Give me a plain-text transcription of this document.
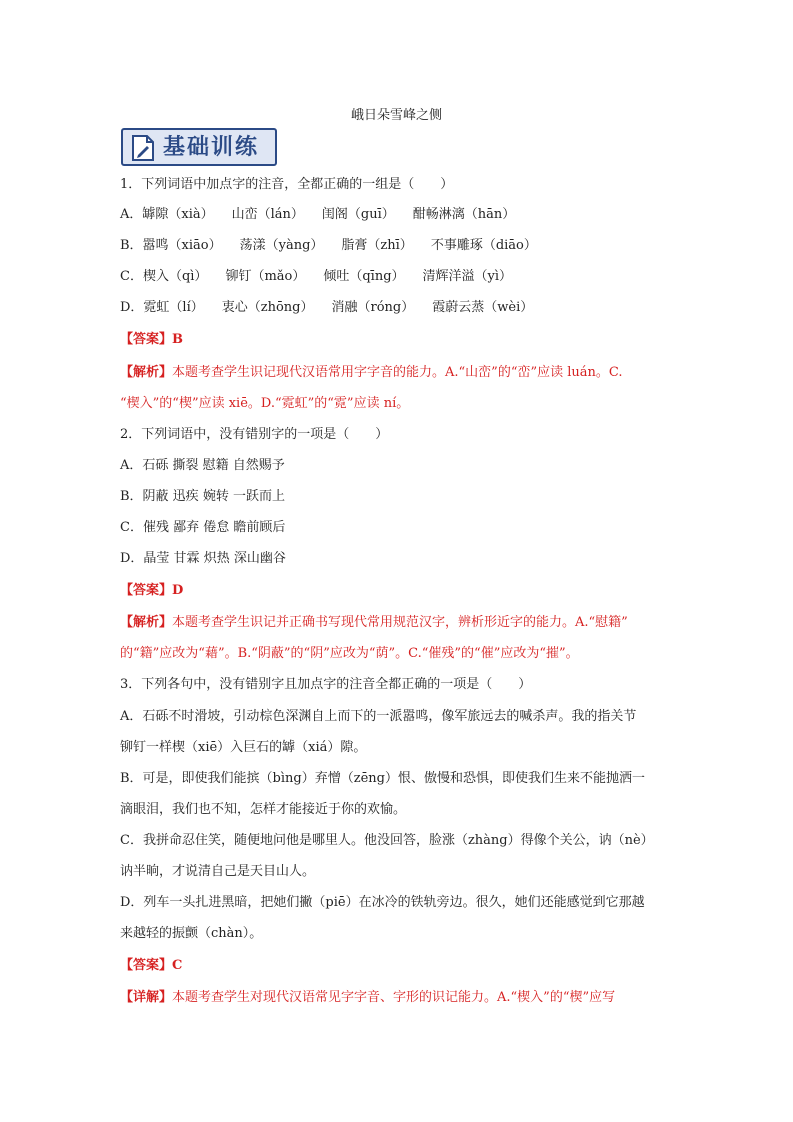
峨日朵雪峰之侧
基础训练
1．下列词语中加点字的注音，全都正确的一组是（　　）
A．罅隙（xià） 山峦（lán） 闺阁（guī） 酣畅淋漓（hān）
B．嚣鸣（xiāo） 荡漾（yàng） 脂膏（zhī） 不事雕琢（diāo）
C．楔入（qì） 铆钉（mǎo） 倾吐（qīng） 清辉洋溢（yì）
D．霓虹（lí） 衷心（zhōng） 消融（róng） 霞蔚云蒸（wèi）
【答案】B
【解析】本题考查学生识记现代汉语常用字字音的能力。A.“山峦”的“峦”应读 luán。C.
“楔入”的“楔”应读 xiē。D.“霓虹”的“霓”应读 ní。
2．下列词语中，没有错别字的一项是（　　）
A．石砾 撕裂 慰籍 自然赐予
B．阴蔽 迅疾 婉转 一跃而上
C．催残 鄙弃 倦怠 瞻前顾后
D．晶莹 甘霖 炽热 深山幽谷
【答案】D
【解析】本题考查学生识记并正确书写现代常用规范汉字，辨析形近字的能力。A.“慰籍”
的“籍”应改为“藉”。B.“阴蔽”的“阴”应改为“荫”。C.“催残”的“催”应改为“摧”。
3．下列各句中，没有错别字且加点字的注音全都正确的一项是（　　）
A．石砾不时滑坡，引动棕色深渊自上而下的一派嚣鸣，像军旅远去的喊杀声。我的指关节
铆钉一样楔（xiē）入巨石的罅（xiá）隙。
B．可是，即使我们能摈（bìng）弃憎（zēng）恨、傲慢和恐惧，即使我们生来不能抛洒一
滴眼泪，我们也不知，怎样才能接近于你的欢愉。
C．我拼命忍住笑，随便地问他是哪里人。他没回答，脸涨（zhàng）得像个关公，讷（nè）
讷半晌，才说清自己是天目山人。
D．列车一头扎进黑暗，把她们撇（piē）在冰冷的铁轨旁边。很久，她们还能感觉到它那越
来越轻的振颤（chàn）。
【答案】C
【详解】本题考查学生对现代汉语常见字字音、字形的识记能力。A.“楔入”的“楔”应写
